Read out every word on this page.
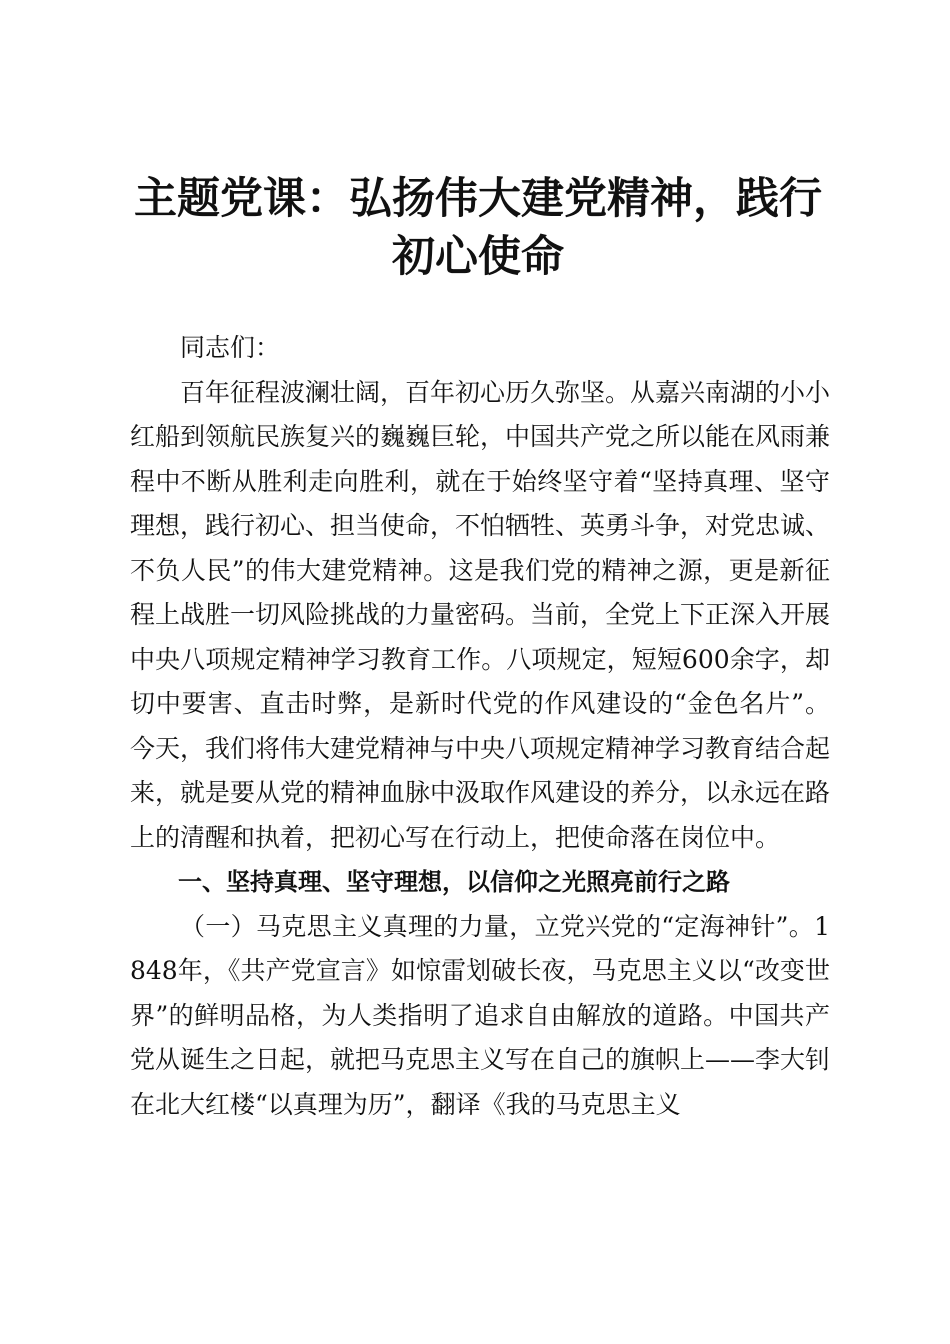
主题党课：弘扬伟大建党精神，践行初心使命

同志们：

百年征程波澜壮阔，百年初心历久弥坚。从嘉兴南湖的小小红船到领航民族复兴的巍巍巨轮，中国共产党之所以能在风雨兼程中不断从胜利走向胜利，就在于始终坚守着“坚持真理、坚守理想，践行初心、担当使命，不怕牺牲、英勇斗争，对党忠诚、不负人民”的伟大建党精神。这是我们党的精神之源，更是新征程上战胜一切风险挑战的力量密码。当前，全党上下正深入开展中央八项规定精神学习教育工作。八项规定，短短600余字，却切中要害、直击时弊，是新时代党的作风建设的“金色名片”。今天，我们将伟大建党精神与中央八项规定精神学习教育结合起来，就是要从党的精神血脉中汲取作风建设的养分，以永远在路上的清醒和执着，把初心写在行动上，把使命落在岗位中。

一、坚持真理、坚守理想，以信仰之光照亮前行之路

（一）马克思主义真理的力量，立党兴党的“定海神针”。1848年，《共产党宣言》如惊雷划破长夜，马克思主义以“改变世界”的鲜明品格，为人类指明了追求自由解放的道路。中国共产党从诞生之日起，就把马克思主义写在自己的旗帜上——李大钊在北大红楼“以真理为历”，翻译《我的马克思主义
